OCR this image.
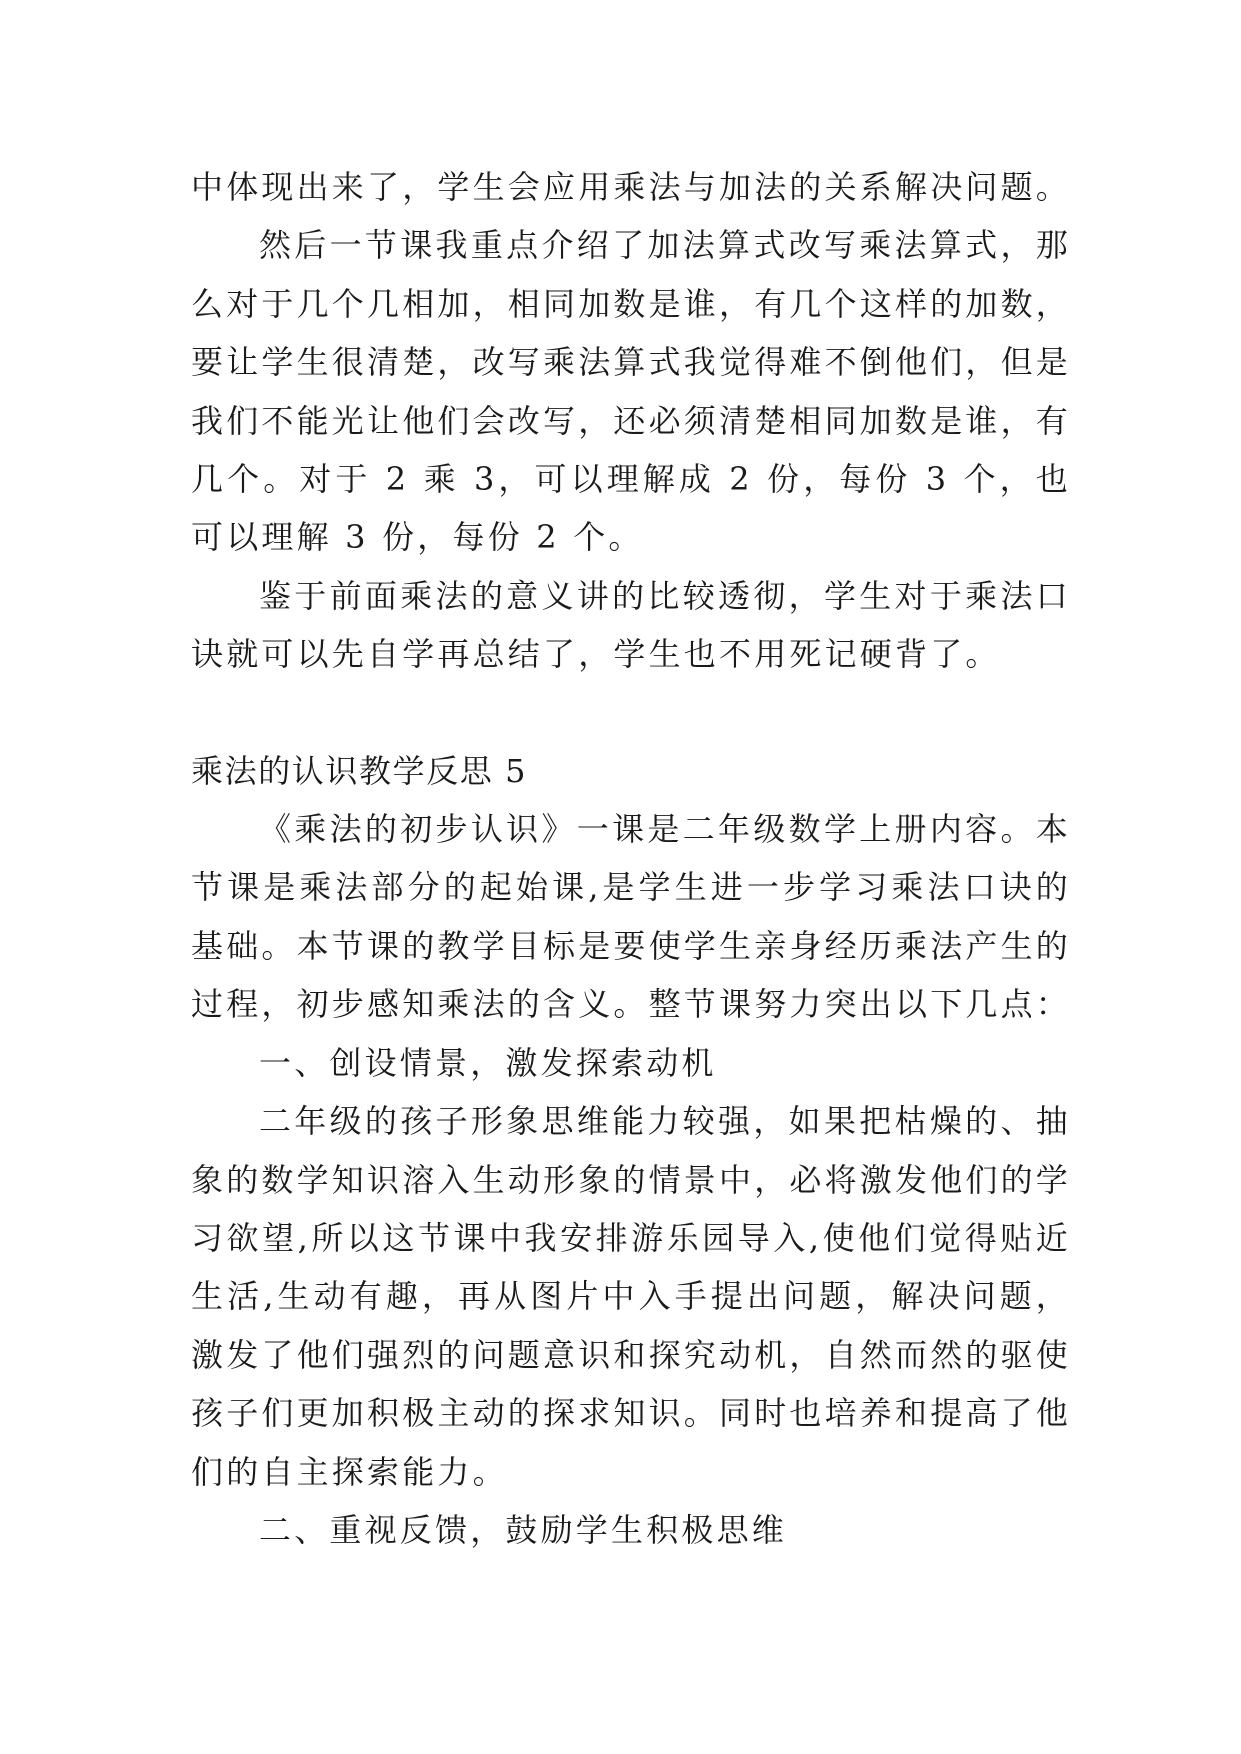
中体现出来了，学生会应用乘法与加法的关系解决问题。

然后一节课我重点介绍了加法算式改写乘法算式，那么对于几个几相加，相同加数是谁，有几个这样的加数，要让学生很清楚，改写乘法算式我觉得难不倒他们，但是我们不能光让他们会改写，还必须清楚相同加数是谁，有几个。对于 2 乘 3，可以理解成 2 份，每份 3 个，也可以理解 3 份，每份 2 个。

鉴于前面乘法的意义讲的比较透彻，学生对于乘法口诀就可以先自学再总结了，学生也不用死记硬背了。

乘法的认识教学反思 5

《乘法的初步认识》一课是二年级数学上册内容。本节课是乘法部分的起始课,是学生进一步学习乘法口诀的基础。本节课的教学目标是要使学生亲身经历乘法产生的过程，初步感知乘法的含义。整节课努力突出以下几点：

一、创设情景，激发探索动机

二年级的孩子形象思维能力较强，如果把枯燥的、抽象的数学知识溶入生动形象的情景中，必将激发他们的学习欲望,所以这节课中我安排游乐园导入,使他们觉得贴近生活,生动有趣，再从图片中入手提出问题，解决问题，激发了他们强烈的问题意识和探究动机，自然而然的驱使孩子们更加积极主动的探求知识。同时也培养和提高了他们的自主探索能力。

二、重视反馈，鼓励学生积极思维
